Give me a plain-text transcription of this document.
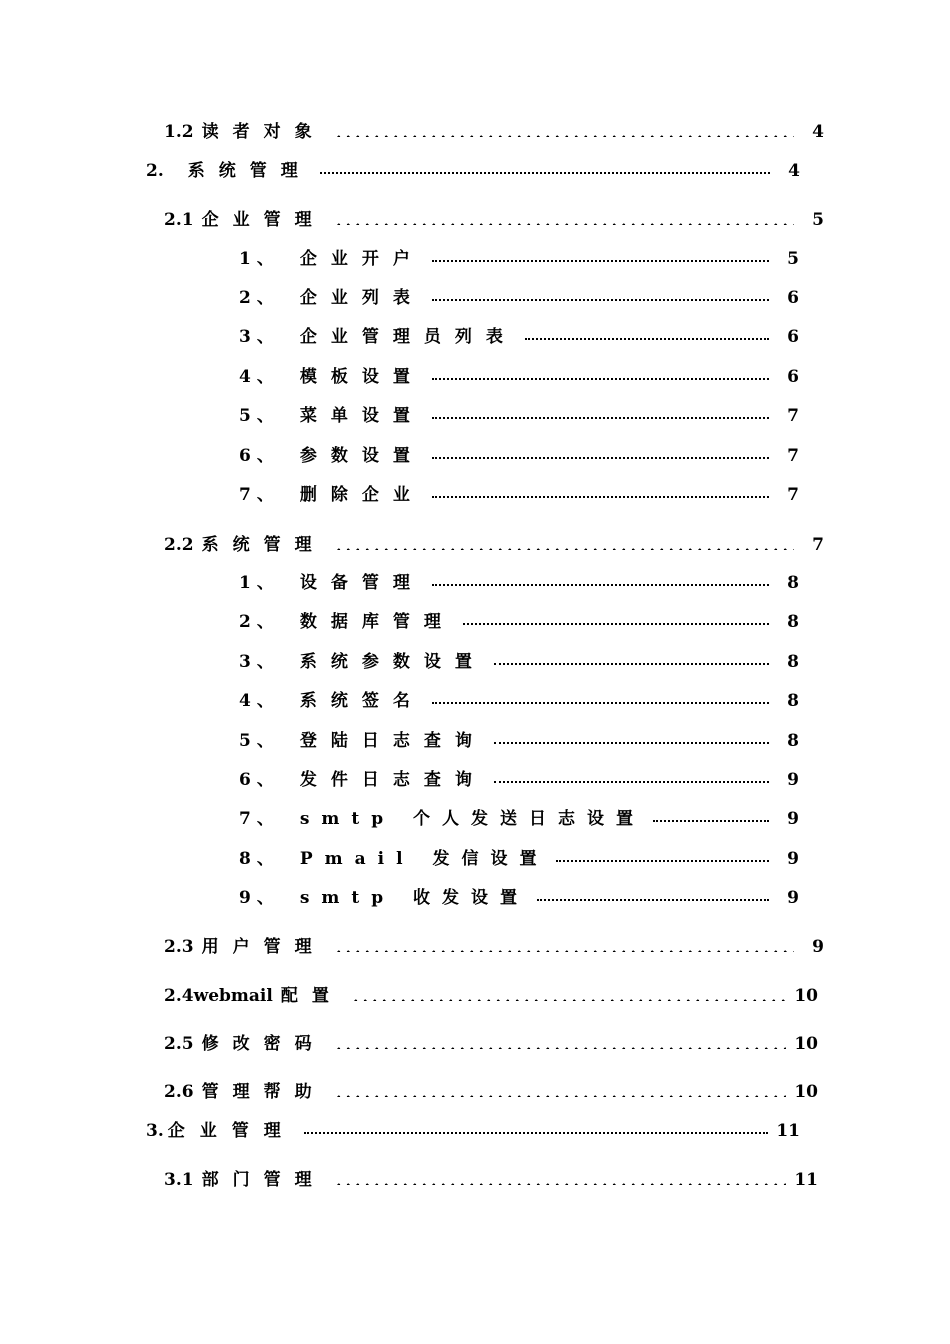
1.2 读者对象	4
2. 系统管理	4
2.1 企业管理	5
1、 企业开户	5
2、 企业列表	6
3、 企业管理员列表	6
4、 模板设置	6
5、 菜单设置	7
6、 参数设置	7
7、 删除企业	7
2.2 系统管理	7
1、 设备管理	8
2、 数据库管理	8
3、 系统参数设置	8
4、 系统签名	8
5、 登陆日志查询	8
6、 发件日志查询	9
7、 smtp 个人发送日志设置	9
8、 Pmail 发信设置	9
9、 smtp 收发设置	9
2.3 用户管理	9
2.4webmail 配置	10
2.5 修改密码	10
2.6 管理帮助	10
3. 企业管理	11
3.1 部门管理	11
